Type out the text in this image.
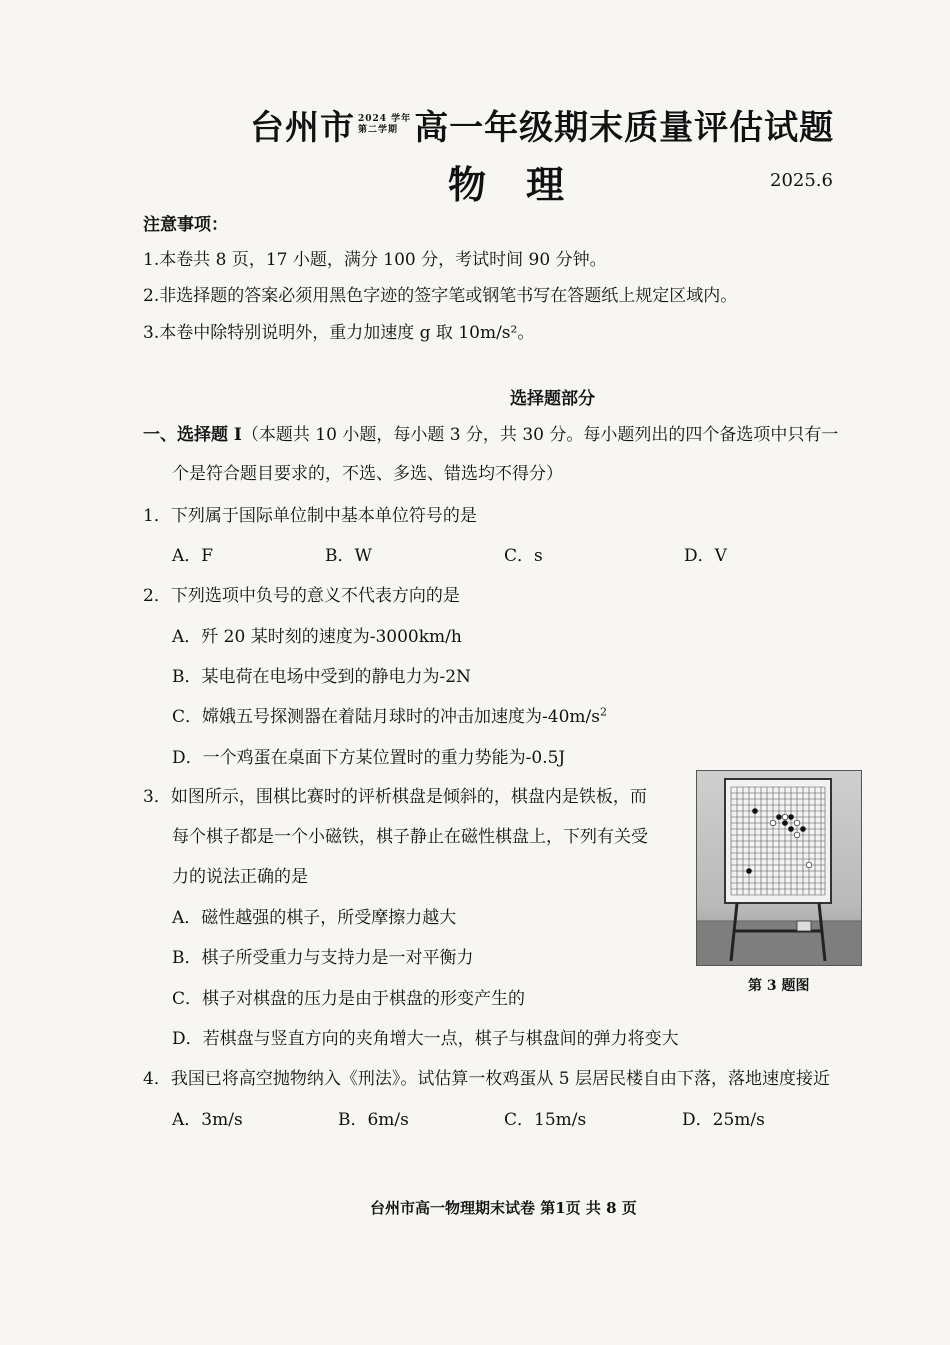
台州市 2024 学年
第二学期 高一年级期末质量评估试题
物理	2025.6
注意事项：
1.本卷共 8 页，17 小题，满分 100 分，考试时间 90 分钟。
2.非选择题的答案必须用黑色字迹的签字笔或钢笔书写在答题纸上规定区域内。
3.本卷中除特别说明外，重力加速度 g 取 10m/s²。
选择题部分
一、选择题 I（本题共 10 小题，每小题 3 分，共 30 分。每小题列出的四个备选项中只有一
个是符合题目要求的，不选、多选、错选均不得分）
1．下列属于国际单位制中基本单位符号的是
A．F	B．W	C．s	D．V
2．下列选项中负号的意义不代表方向的是
A．歼 20 某时刻的速度为-3000km/h
B．某电荷在电场中受到的静电力为-2N
C．嫦娥五号探测器在着陆月球时的冲击加速度为$-40m/s^2$
D．一个鸡蛋在桌面下方某位置时的重力势能为-0.5J
3．如图所示，围棋比赛时的评析棋盘是倾斜的，棋盘内是铁板，而
每个棋子都是一个小磁铁，棋子静止在磁性棋盘上，下列有关受
力的说法正确的是
A．磁性越强的棋子，所受摩擦力越大
B．棋子所受重力与支持力是一对平衡力
C．棋子对棋盘的压力是由于棋盘的形变产生的
D．若棋盘与竖直方向的夹角增大一点，棋子与棋盘间的弹力将变大
第 3 题图
4．我国已将高空抛物纳入《刑法》。试估算一枚鸡蛋从 5 层居民楼自由下落，落地速度接近
A．3m/s	B．6m/s	C．15m/s	D．25m/s
台州市高一物理期末试卷 第1页 共 8 页
